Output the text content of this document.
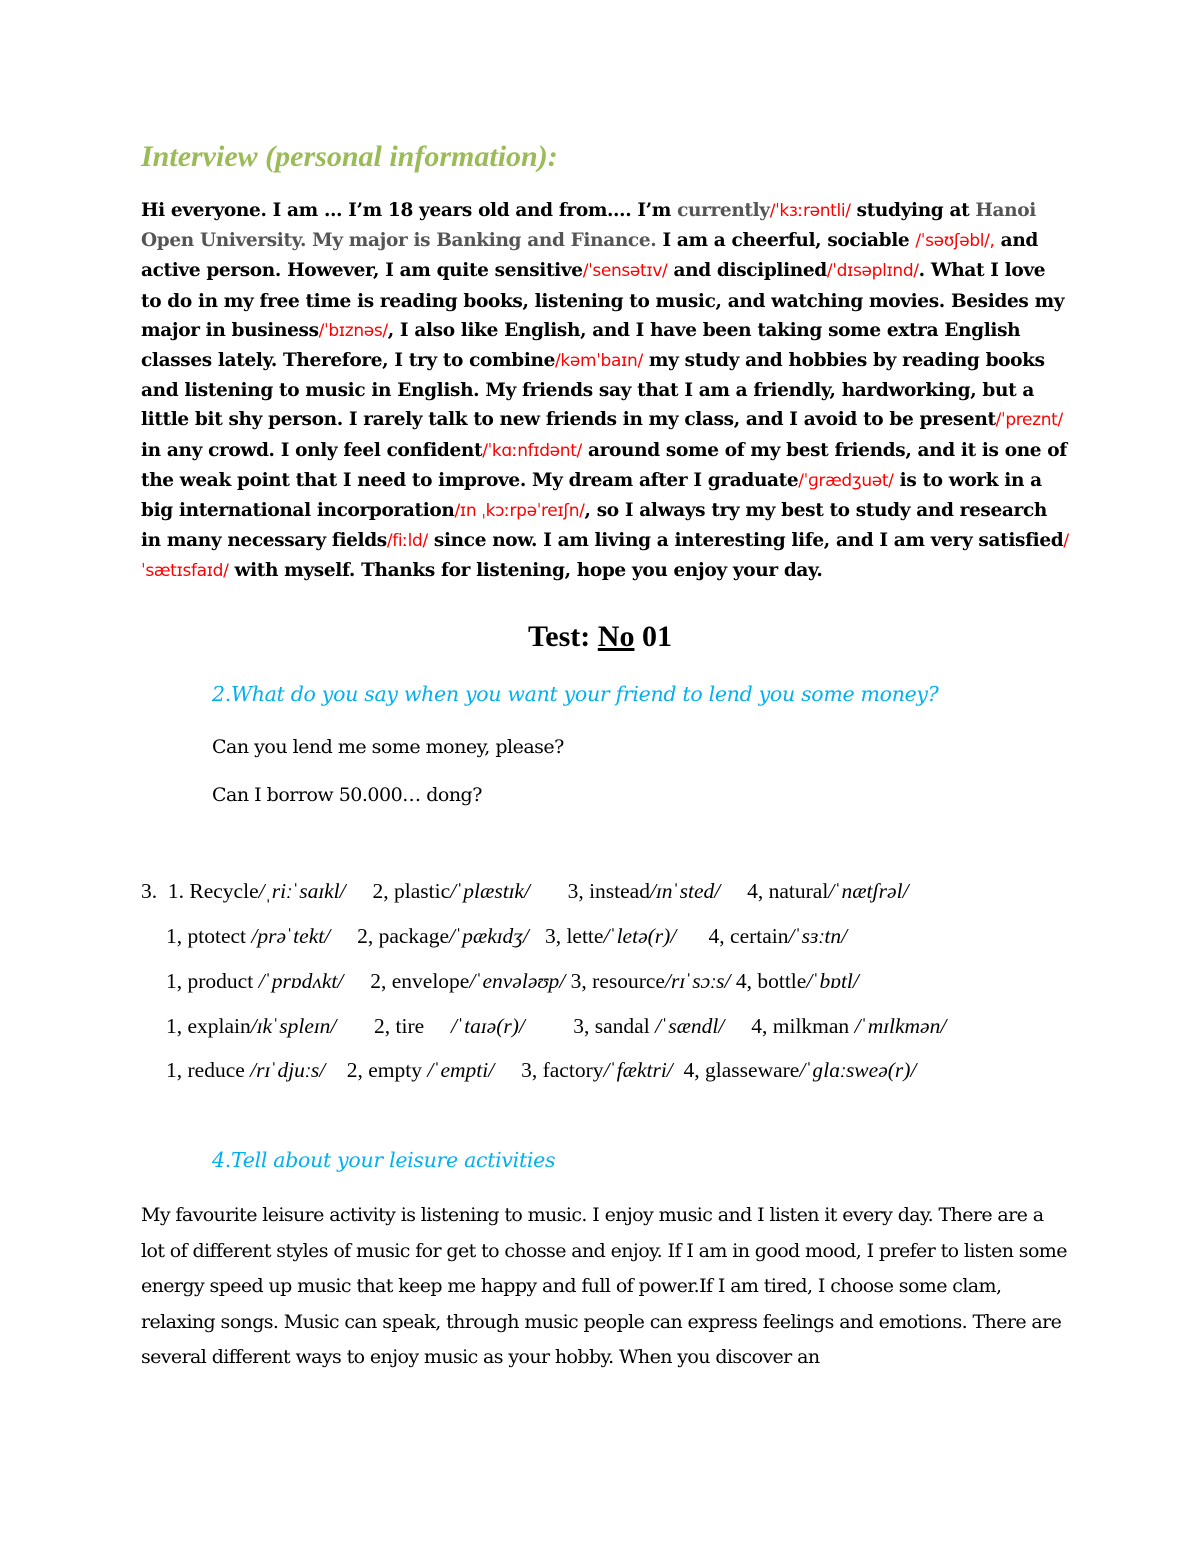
Interview (personal information):
Hi everyone. I am … I’m 18 years old and from…. I’m currently/ˈkɜːrəntli/ studying at Hanoi Open University. My major is Banking and Finance. I am a cheerful, sociable /ˈsəʊʃəbl/, and active person. However, I am quite sensitive/ˈsensətɪv/ and disciplined/ˈdɪsəplɪnd/. What I love to do in my free time is reading books, listening to music, and watching movies. Besides my major in business/ˈbɪznəs/, I also like English, and I have been taking some extra English classes lately. Therefore, I try to combine/kəmˈbaɪn/ my study and hobbies by reading books and listening to music in English. My friends say that I am a friendly, hardworking, but a little bit shy person. I rarely talk to new friends in my class, and I avoid to be present/ˈpreznt/ in any crowd. I only feel confident/ˈkɑːnfɪdənt/ around some of my best friends, and it is one of the weak point that I need to improve. My dream after I graduate/ˈɡrædʒuət/ is to work in a big international incorporation/ɪn ˌkɔːrpəˈreɪʃn/, so I always try my best to study and research in many necessary fields/fiːld/ since now. I am living a interesting life, and I am very satisfied/ˈsætɪsfaɪd/ with myself. Thanks for listening, hope you enjoy your day.
Test: No 01
2.What do you say when you want your friend to lend you some money?
Can you lend me some money, please?
Can I borrow 50.000… dong?
3.  1. Recycle/ˌriːˈsaɪkl/     2, plastic/ˈplæstɪk/       3, instead/ɪnˈsted/     4, natural/ˈnætʃrəl/
1, ptotect /prəˈtekt/     2, package/ˈpækɪdʒ/   3, lette/ˈletə(r)/      4, certain/ˈsɜːtn/
1, product /ˈprɒdʌkt/     2, envelope/ˈenvələʊp/ 3, resource/rɪˈsɔːs/ 4, bottle/ˈbɒtl/
1, explain/ɪkˈspleɪn/       2, tire     /ˈtaɪə(r)/         3, sandal /ˈsændl/     4, milkman /ˈmɪlkmən/
1, reduce /rɪˈdjuːs/    2, empty /ˈempti/     3, factory/ˈfæktri/  4, glasseware/ˈɡlɑːsweə(r)/
4.Tell about your leisure activities
My favourite leisure activity is listening to music. I enjoy music and I listen it every day. There are a lot of different styles of music for get to chosse and enjoy. If I am in good mood, I prefer to listen some energy speed up music that keep me happy and full of power.If I am tired, I choose some clam, relaxing songs. Music can speak, through music people can express feelings and emotions. There are several different ways to enjoy music as your hobby. When you discover an
